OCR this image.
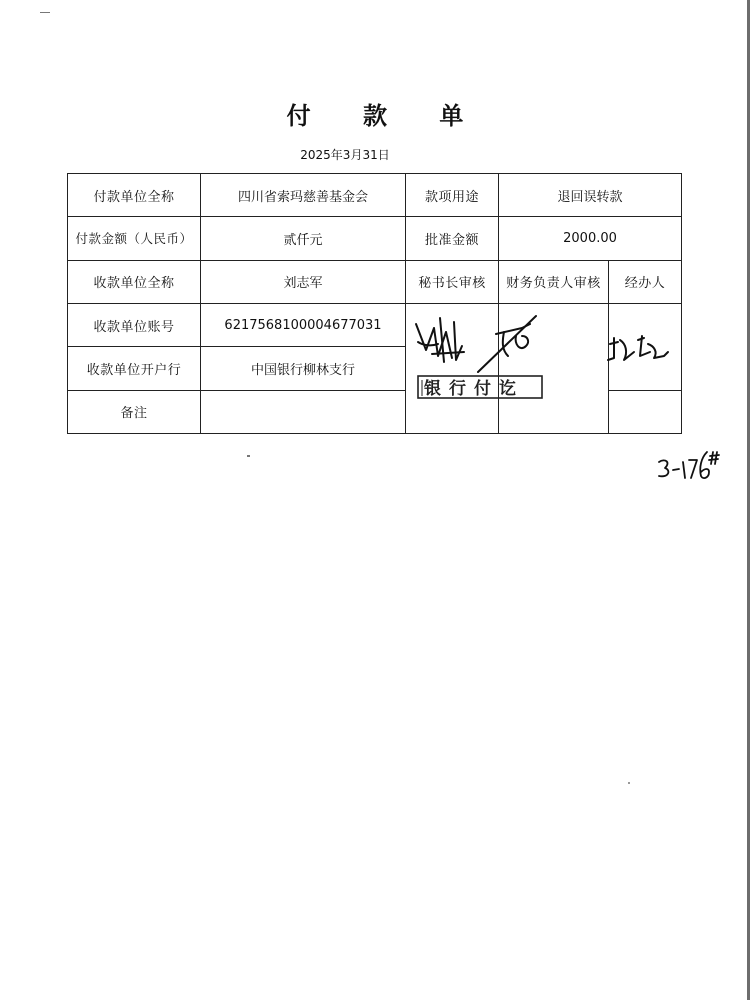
付 款 单
2025年3月31日
付款单位全称	四川省索玛慈善基金会	款项用途	退回误转款	
付款金额（人民币）	贰仟元	批准金额	2000.00	
收款单位全称	刘志军	秘书长审核	财务负责人审核	经办人
收款单位账号	6217568100004677031			
收款单位开户行	中国银行柳林支行			
备注				
银行付讫
